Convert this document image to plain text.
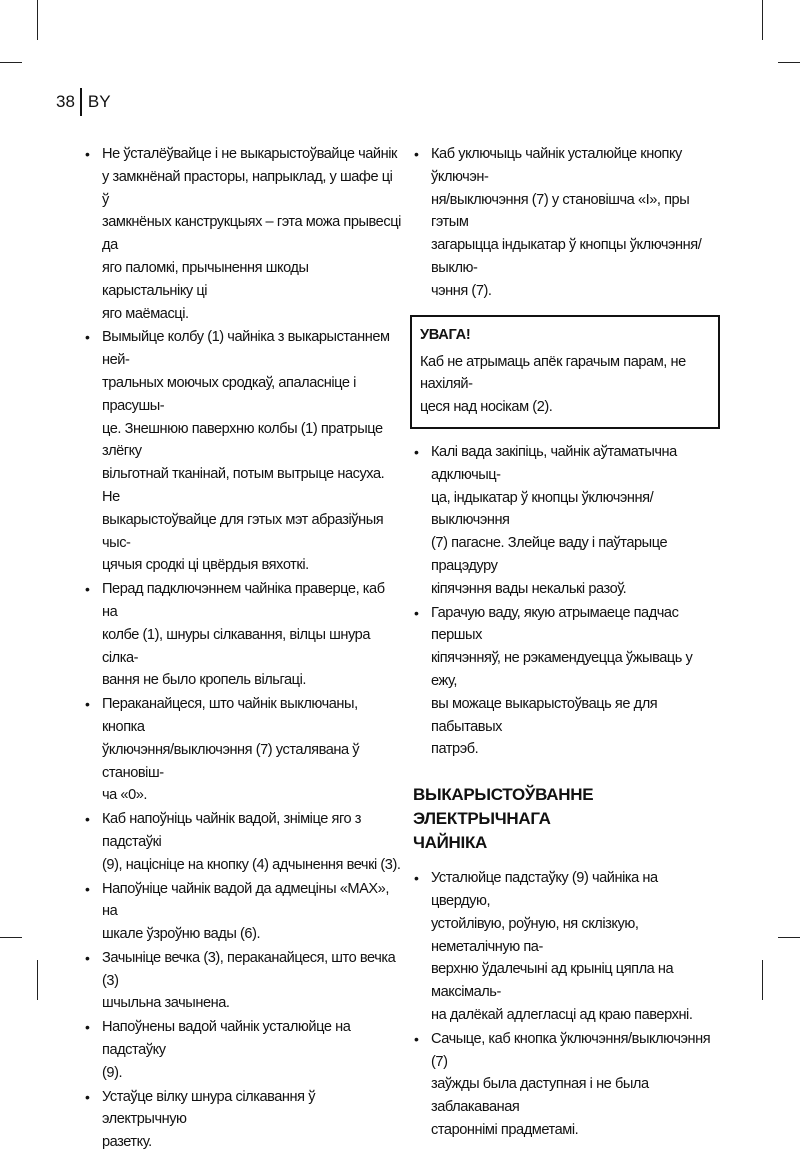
38 BY
• Не ўсталёўвайце і не выкарыстоўвайце чайнік
у замкнёнай прасторы, напрыклад, у шафе ці ў
замкнёных канструкцыях – гэта можа прывесці да
яго паломкі, прычынення шкоды карыстальніку ці
яго маёмасці.
• Вымыйце колбу (1) чайніка з выкарыстаннем ней-
тральных моючых сродкаў, апаласніце і прасушы-
це. Знешнюю паверхню колбы (1) пратрыце злёгку
вільготнай тканінай, потым вытрыце насуха. Не
выкарыстоўвайце для гэтых мэт абразіўныя чыс-
цячыя сродкі ці цвёрдыя вяхоткі.
• Перад падключэннем чайніка праверце, каб на
колбе (1), шнуры сілкавання, вілцы шнура сілка-
вання не было кропель вільгаці.
• Пераканайцеся, што чайнік выключаны, кнопка
ўключэння/выключэння (7) усталявана ў становіш-
ча «0».
• Каб напоўніць чайнік вадой, зніміце яго з падстаўкі
(9), націсніце на кнопку (4) адчынення вечкі (3).
• Напоўніце чайнік вадой да адмеціны «MAX», на
шкале ўзроўню вады (6).
• Зачыніце вечка (3), пераканайцеся, што вечка (3)
шчыльна зачынена.
• Напоўнены вадой чайнік усталюйце на падстаўку
(9).
• Устаўце вілку шнура сілкавання ў электрычную
разетку.
• Каб уключыць чайнік усталюйце кнопку ўключэн-
ня/выключэння (7) у становішча «I», пры гэтым
загарыцца індыкатар ў кнопцы ўключэння/выклю-
чэння (7).
УВАГА!
Каб не атрымаць апёк гарачым парам, не нахіляй-
цеся над носікам (2).
• Калі вада закіпіць, чайнік аўтаматычна адключыц-
ца, індыкатар ў кнопцы ўключэння/выключэння
(7) пагасне. Злейце ваду і паўтарыце працэдуру
кіпячэння вады некалькі разоў.
• Гарачую ваду, якую атрымаеце падчас першых
кіпячэнняў, не рэкамендуецца ўжываць у ежу,
вы можаце выкарыстоўваць яе для пабытавых
патрэб.
ВЫКАРЫСТОЎВАННЕ ЭЛЕКТРЫЧНАГА
ЧАЙНІКА
• Усталюйце падстаўку (9) чайніка на цвердую,
устойлівую, роўную, ня склізкую, неметалічную па-
верхню ўдалечыні ад крыніц цяпла на максімаль-
на далёкай адлегласці ад краю паверхні.
• Сачыце, каб кнопка ўключэння/выключэння (7)
заўжды была даступная і не была заблакаваная
староннімі прадметамі.
